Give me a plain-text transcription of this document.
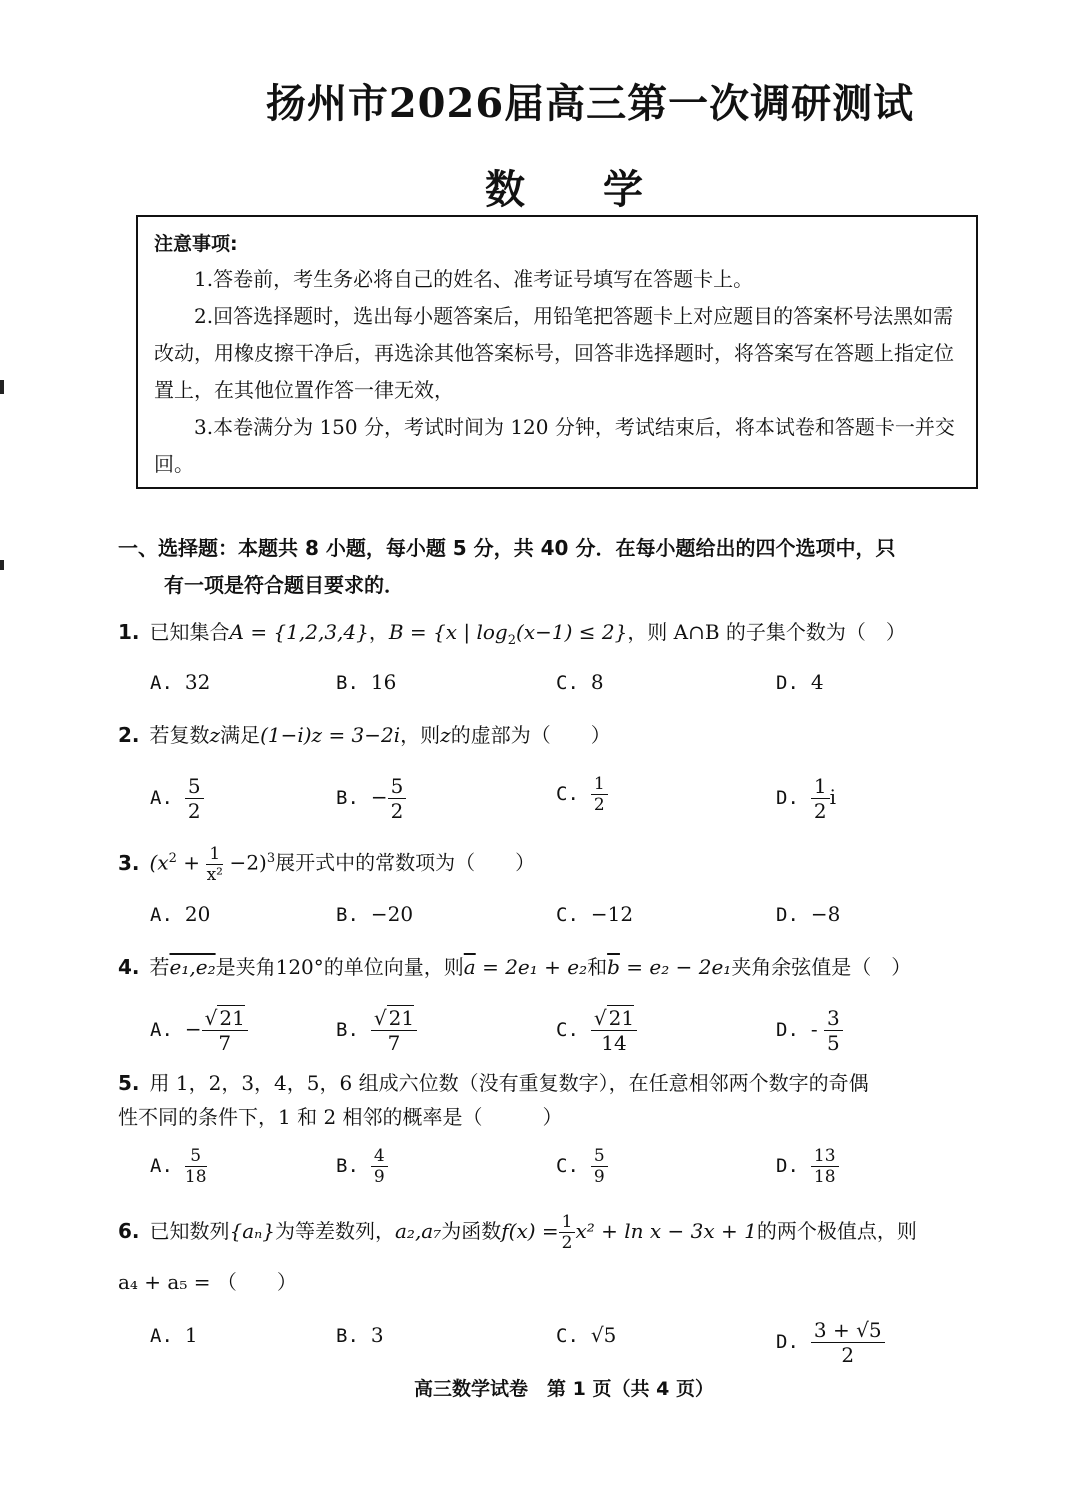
扬州市2026届高三第一次调研测试
数 学
注意事项:

1.答卷前，考生务必将自己的姓名、准考证号填写在答题卡上。

2.回答选择题时，选出每小题答案后，用铅笔把答题卡上对应题目的答案杯号法黑如需改动，用橡皮擦干净后，再选涂其他答案标号，回答非选择题时，将答案写在答题上指定位置上，在其他位置作答一律无效，

3.本卷满分为 150 分，考试时间为 120 分钟，考试结束后，将本试卷和答题卡一并交回。

一、选择题：本题共 8 小题，每小题 5 分，共 40 分．在每小题给出的四个选项中，只
有一项是符合题目要求的．
1. 已知集合A = {1,2,3,4}，B = {x | $\log_2(x-1) \le 2$}，则 A∩B 的子集个数为（　）
A. 32	B. 16	C. 8	D. 4
2. 若复数z满足(1−i)z = 3−2i，则z的虚部为（　　）
A. $\frac{5}{2}$	B. − $\frac{5}{2}$	C. $\frac{1}{2}$	D. $\frac{1}{2}$ i
3. $(x^2 + \frac{1}{\text{x²}} -2)^3$展开式中的常数项为（　　）
A. 20	B. −20	C. −12	D. −8
4. 若e₁,e₂是夹角120°的单位向量，则$\overline{a} = 2e_1 + e_2$和$\overline{b} = e_2 - 2e_1$夹角余弦值是（　）
A. − $\frac{√ 21}{7}$	B. $\frac{√ 21}{7}$	C. $\frac{√ 21}{14}$	D. - $\frac{3}{5}$
5. 用 1，2，3，4，5，6 组成六位数（没有重复数字），在任意相邻两个数字的奇偶
性不同的条件下，1 和 2 相邻的概率是（　　　）
A. $\frac{5}{18}$	B. $\frac{4}{9}$	C. $\frac{5}{9}$	D. $\frac{13}{18}$
6. 已知数列{aₙ}为等差数列，a₂,a₇为函数$f(x) = \frac{1}{2} x^2 + \ln x - 3x + 1$的两个极值点，则
a₄ + a₅ = （　　）
A. 1	B. 3	C. √5	D. $\frac{3 + √5}{2}$
高三数学试卷　第 1 页（共 4 页）
